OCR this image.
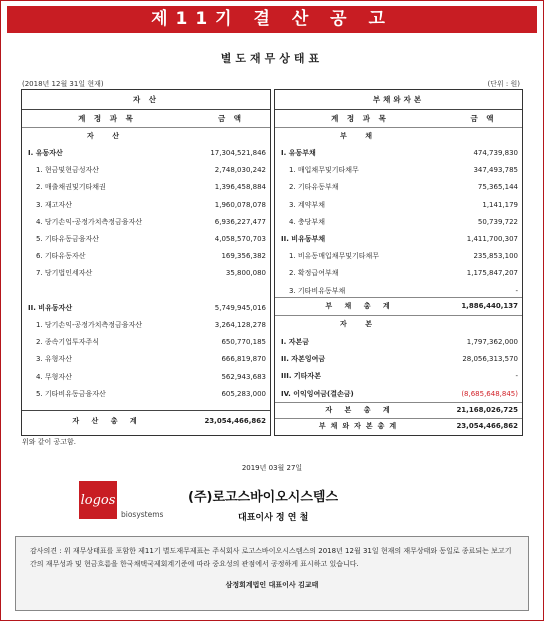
제11기 결 산 공 고
별도재무상태표
(2018년 12월 31일 현재)	(단위 : 원)
자 산
계 정 과 목	금 액
자 산
I. 유동자산	17,304,521,846
1. 현금및현금성자산	2,748,030,242
2. 매출채권및기타채권	1,396,458,884
3. 재고자산	1,960,078,078
4. 당기손익-공정가치측정금융자산	6,936,227,477
5. 기타유동금융자산	4,058,570,703
6. 기타유동자산	169,356,382
7. 당기법인세자산	35,800,080
II. 비유동자산	5,749,945,016
1. 당기손익-공정가치측정금융자산	3,264,128,278
2. 종속기업투자주식	650,770,185
3. 유형자산	666,819,870
4. 무형자산	562,943,683
5. 기타비유동금융자산	605,283,000
자 산 총 계	23,054,466,862
부채와자본
계 정 과 목	금 액
부 채
I. 유동부채	474,739,830
1. 매입채무및기타채무	347,493,785
2. 기타유동부채	75,365,144
3. 계약부채	1,141,179
4. 충당부채	50,739,722
II. 비유동부채	1,411,700,307
1. 비유동매입채무및기타채무	235,853,100
2. 확정급여부채	1,175,847,207
3. 기타비유동부채	-
부 채 총 계	1,886,440,137
자 본
I. 자본금	1,797,362,000
II. 자본잉여금	28,056,313,570
III. 기타자본	-
IV. 이익잉여금(결손금)	(8,685,648,845)
자 본 총 계	21,168,026,725
부채와자본총계	23,054,466,862
위와 같이 공고함.
2019년 03월 27일
logos
biosystems
(주)로고스바이오시스템스
대표이사 정 연 철
감사의견 : 위 재무상태표를 포함한 제11기 별도재무제표는 주식회사 로고스바이오시스템스의 2018년 12월 31일 현재의 재무상태와 동일로 종료되는 보고기간의 재무성과 및 현금흐름을 한국채택국제회계기준에 따라 중요성의 관점에서 공정하게 표시하고 있습니다.
삼정회계법인 대표이사 김교태
